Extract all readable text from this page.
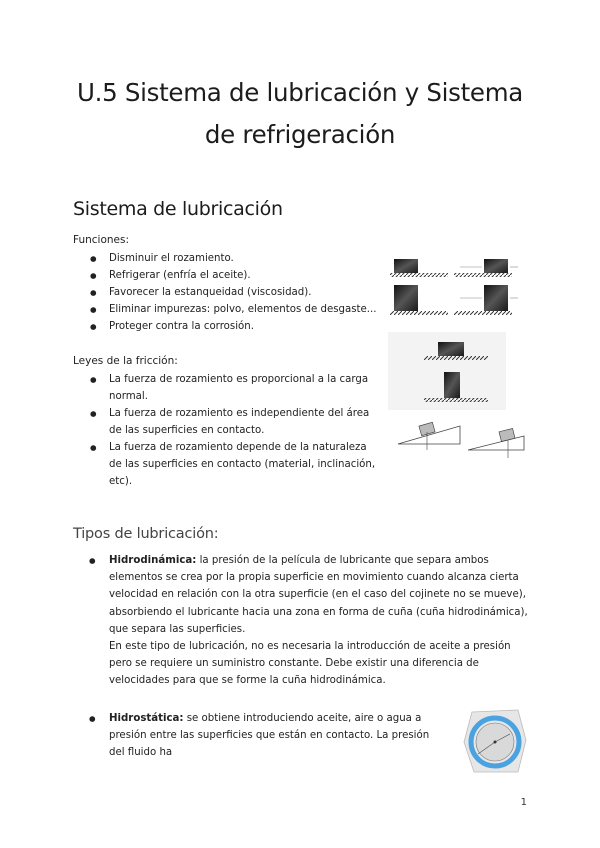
U.5 Sistema de lubricación y Sistema
de refrigeración
Sistema de lubricación
Funciones:
● Disminuir el rozamiento.
● Refrigerar (enfría el aceite).
● Favorecer la estanqueidad (viscosidad).
● Eliminar impurezas: polvo, elementos de desgaste...
● Proteger contra la corrosión.
Leyes de la fricción:
● La fuerza de rozamiento es proporcional a la carga normal.
● La fuerza de rozamiento es independiente del área de las superficies en contacto.
● La fuerza de rozamiento depende de la naturaleza de las superficies en contacto (material, inclinación, etc).
Tipos de lubricación:
● Hidrodinámica: la presión de la película de lubricante que separa ambos elementos se crea por la propia superficie en movimiento cuando alcanza cierta velocidad en relación con la otra superficie (en el caso del cojinete no se mueve), absorbiendo el lubricante hacia una zona en forma de cuña (cuña hidrodinámica), que separa las superficies.
En este tipo de lubricación, no es necesaria la introducción de aceite a presión pero se requiere un suministro constante. Debe existir una diferencia de velocidades para que se forme la cuña hidrodinámica.
● Hidrostática: se obtiene introduciendo aceite, aire o agua a presión entre las superficies que están en contacto. La presión del fluido ha
1
